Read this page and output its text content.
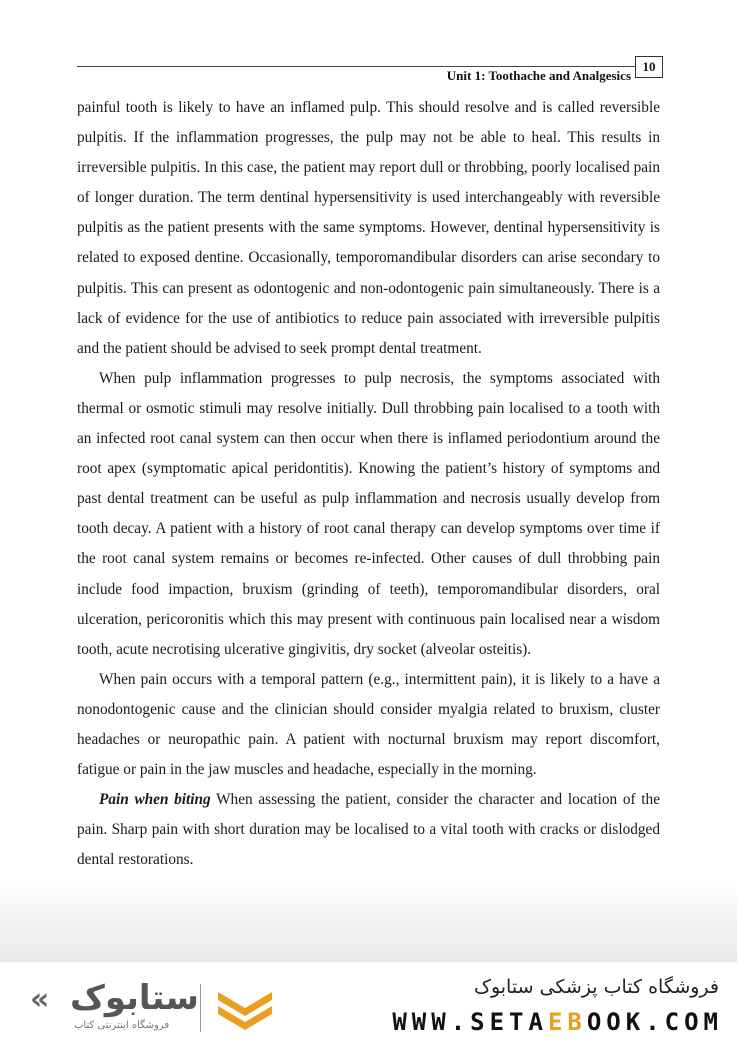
Unit 1: Toothache and Analgesics
10

painful tooth is likely to have an inflamed pulp. This should resolve and is called reversible pulpitis. If the inflammation progresses, the pulp may not be able to heal. This results in irreversible pulpitis. In this case, the patient may report dull or throbbing, poorly localised pain of longer duration. The term dentinal hypersensitivity is used interchangeably with reversible pulpitis as the patient presents with the same symptoms. However, dentinal hypersensitivity is related to exposed dentine. Occasionally, temporomandibular disorders can arise secondary to pulpitis. This can present as odontogenic and non-odontogenic pain simultaneously. There is a lack of evidence for the use of antibiotics to reduce pain associated with irreversible pulpitis and the patient should be advised to seek prompt dental treatment.

When pulp inflammation progresses to pulp necrosis, the symptoms associated with thermal or osmotic stimuli may resolve initially. Dull throbbing pain localised to a tooth with an infected root canal system can then occur when there is inflamed periodontium around the root apex (symptomatic apical peridontitis). Knowing the patient’s history of symptoms and past dental treatment can be useful as pulp inflammation and necrosis usually develop from tooth decay. A patient with a history of root canal therapy can develop symptoms over time if the root canal system remains or becomes re-infected. Other causes of dull throbbing pain include food impaction, bruxism (grinding of teeth), temporomandibular disorders, oral ulceration, pericoronitis which this may present with continuous pain localised near a wisdom tooth, acute necrotising ulcerative gingivitis, dry socket (alveolar osteitis).

When pain occurs with a temporal pattern (e.g., intermittent pain), it is likely to a have a nonodontogenic cause and the clinician should consider myalgia related to bruxism, cluster headaches or neuropathic pain. A patient with nocturnal bruxism may report discomfort, fatigue or pain in the jaw muscles and headache, especially in the morning.

Pain when biting When assessing the patient, consider the character and location of the pain. Sharp pain with short duration may be localised to a vital tooth with cracks or dislodged dental restorations.

« ستابوک
فروشگاه اینترنتی کتاب
فروشگاه کتاب پزشکی ستابوک
WWW.SETAEBOOK.COM
